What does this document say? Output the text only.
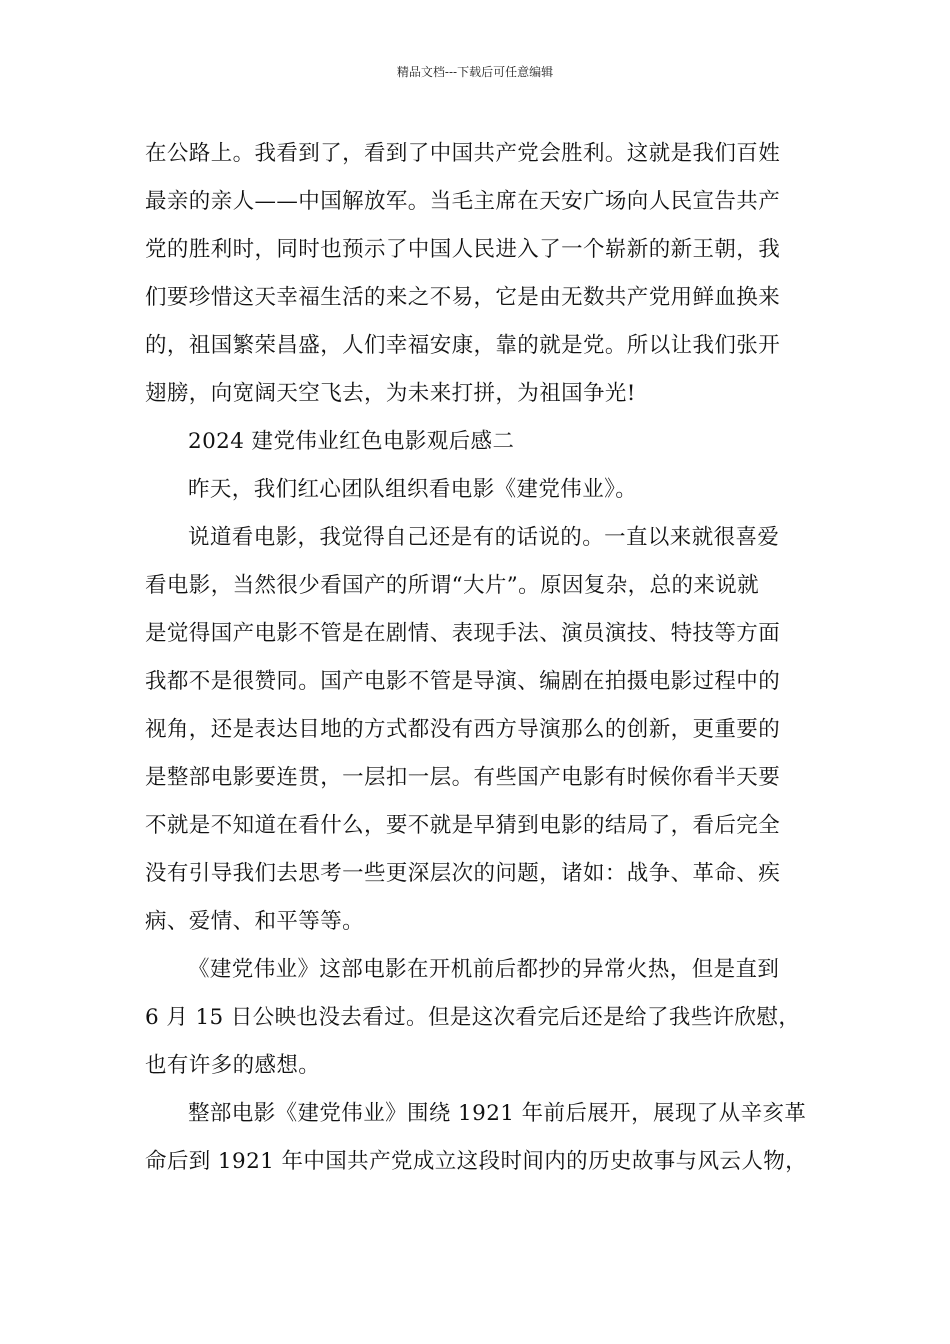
精品文档---下载后可任意编辑
在公路上。我看到了，看到了中国共产党会胜利。这就是我们百姓
最亲的亲人——中国解放军。当毛主席在天安广场向人民宣告共产
党的胜利时，同时也预示了中国人民进入了一个崭新的新王朝，我
们要珍惜这天幸福生活的来之不易，它是由无数共产党用鲜血换来
的，祖国繁荣昌盛，人们幸福安康，靠的就是党。所以让我们张开
翅膀，向宽阔天空飞去，为未来打拼，为祖国争光!
2024 建党伟业红色电影观后感二
昨天，我们红心团队组织看电影《建党伟业》。
说道看电影，我觉得自己还是有的话说的。一直以来就很喜爱
看电影，当然很少看国产的所谓“大片”。原因复杂，总的来说就
是觉得国产电影不管是在剧情、表现手法、演员演技、特技等方面
我都不是很赞同。国产电影不管是导演、编剧在拍摄电影过程中的
视角，还是表达目地的方式都没有西方导演那么的创新，更重要的
是整部电影要连贯，一层扣一层。有些国产电影有时候你看半天要
不就是不知道在看什么，要不就是早猜到电影的结局了，看后完全
没有引导我们去思考一些更深层次的问题，诸如：战争、革命、疾
病、爱情、和平等等。
《建党伟业》这部电影在开机前后都抄的异常火热，但是直到
6 月 15 日公映也没去看过。但是这次看完后还是给了我些许欣慰，
也有许多的感想。
整部电影《建党伟业》围绕 1921 年前后展开，展现了从辛亥革
命后到 1921 年中国共产党成立这段时间内的历史故事与风云人物，
